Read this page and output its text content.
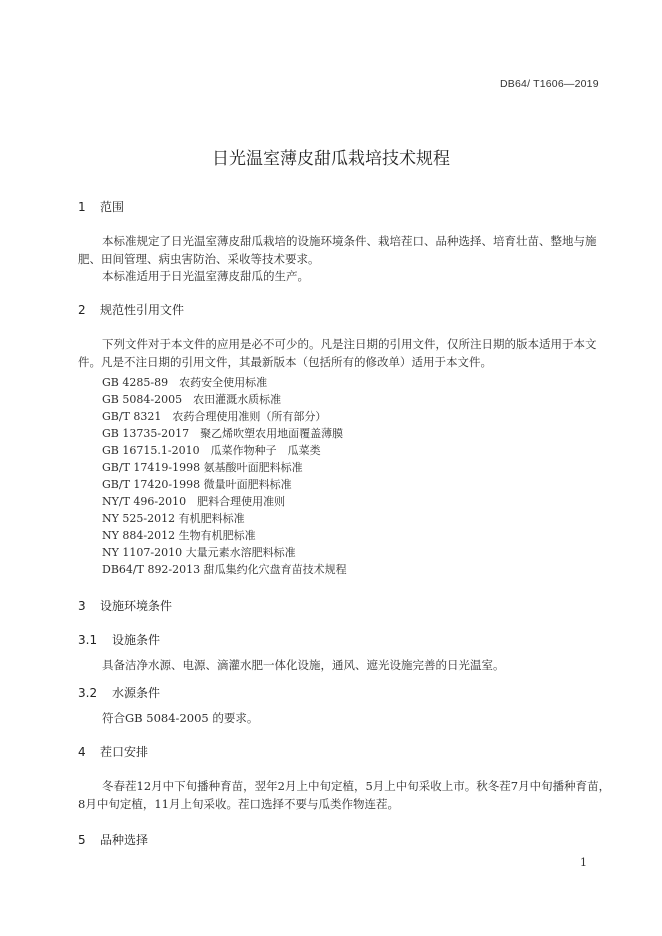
DB64/ T1606—2019
日光温室薄皮甜瓜栽培技术规程
1 范围
本标准规定了日光温室薄皮甜瓜栽培的设施环境条件、栽培茬口、品种选择、培育壮苗、整地与施
肥、田间管理、病虫害防治、采收等技术要求。
本标准适用于日光温室薄皮甜瓜的生产。
2 规范性引用文件
下列文件对于本文件的应用是必不可少的。凡是注日期的引用文件，仅所注日期的版本适用于本文
件。凡是不注日期的引用文件，其最新版本（包括所有的修改单）适用于本文件。
GB 4285-89　农药安全使用标准
GB 5084-2005　农田灌溉水质标准
GB/T 8321　农药合理使用准则（所有部分）
GB 13735-2017　聚乙烯吹塑农用地面覆盖薄膜
GB 16715.1-2010　瓜菜作物种子　瓜菜类
GB/T 17419-1998 氨基酸叶面肥料标准
GB/T 17420-1998 微量叶面肥料标准
NY/T 496-2010　肥料合理使用准则
NY 525-2012 有机肥料标准
NY 884-2012 生物有机肥标准
NY 1107-2010 大量元素水溶肥料标准
DB64/T 892-2013 甜瓜集约化穴盘育苗技术规程
3 设施环境条件
3.1 设施条件
具备洁净水源、电源、滴灌水肥一体化设施，通风、遮光设施完善的日光温室。
3.2 水源条件
符合GB 5084-2005 的要求。
4 茬口安排
冬春茬12月中下旬播种育苗，翌年2月上中旬定植，5月上中旬采收上市。秋冬茬7月中旬播种育苗，
8月中旬定植，11月上旬采收。茬口选择不要与瓜类作物连茬。
5 品种选择
1
